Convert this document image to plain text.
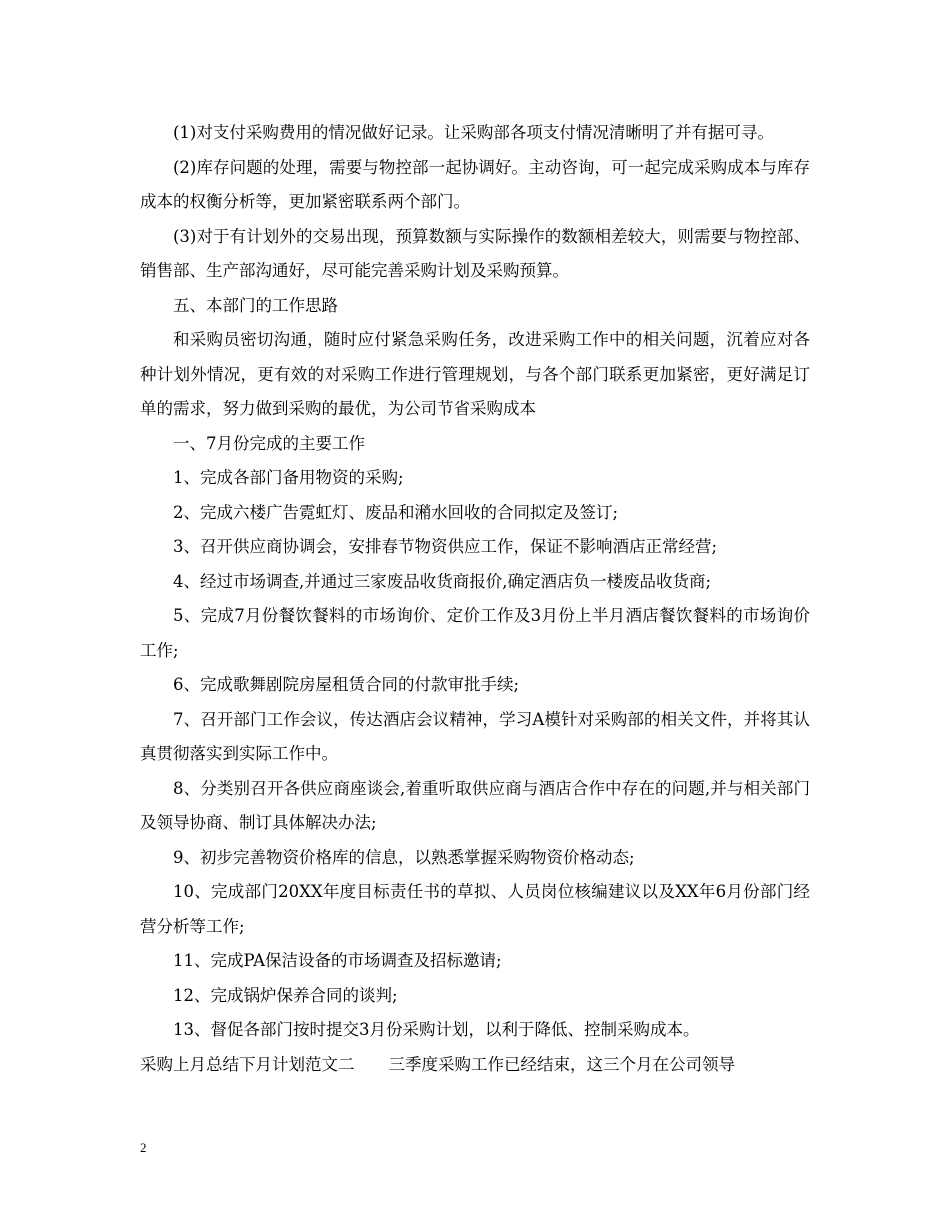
(1)对支付采购费用的情况做好记录。让采购部各项支付情况清晰明了并有据可寻。

(2)库存问题的处理，需要与物控部一起协调好。主动咨询，可一起完成采购成本与库存成本的权衡分析等，更加紧密联系两个部门。

(3)对于有计划外的交易出现，预算数额与实际操作的数额相差较大，则需要与物控部、销售部、生产部沟通好，尽可能完善采购计划及采购预算。

五、本部门的工作思路

和采购员密切沟通，随时应付紧急采购任务，改进采购工作中的相关问题，沉着应对各种计划外情况，更有效的对采购工作进行管理规划，与各个部门联系更加紧密，更好满足订单的需求，努力做到采购的最优，为公司节省采购成本

一、7月份完成的主要工作

1、完成各部门备用物资的采购;

2、完成六楼广告霓虹灯、废品和潲水回收的合同拟定及签订;

3、召开供应商协调会，安排春节物资供应工作，保证不影响酒店正常经营;

4、经过市场调查,并通过三家废品收货商报价,确定酒店负一楼废品收货商;

5、完成7月份餐饮餐料的市场询价、定价工作及3月份上半月酒店餐饮餐料的市场询价工作;

6、完成歌舞剧院房屋租赁合同的付款审批手续;

7、召开部门工作会议，传达酒店会议精神，学习A模针对采购部的相关文件，并将其认真贯彻落实到实际工作中。

8、分类别召开各供应商座谈会,着重听取供应商与酒店合作中存在的问题,并与相关部门及领导协商、制订具体解决办法;

9、初步完善物资价格库的信息，以熟悉掌握采购物资价格动态;

10、完成部门20XX年度目标责任书的草拟、人员岗位核编建议以及XX年6月份部门经营分析等工作;

11、完成PA保洁设备的市场调查及招标邀请;

12、完成锅炉保养合同的谈判;

13、督促各部门按时提交3月份采购计划，以利于降低、控制采购成本。

采购上月总结下月计划范文二 三季度采购工作已经结束，这三个月在公司领导

2
